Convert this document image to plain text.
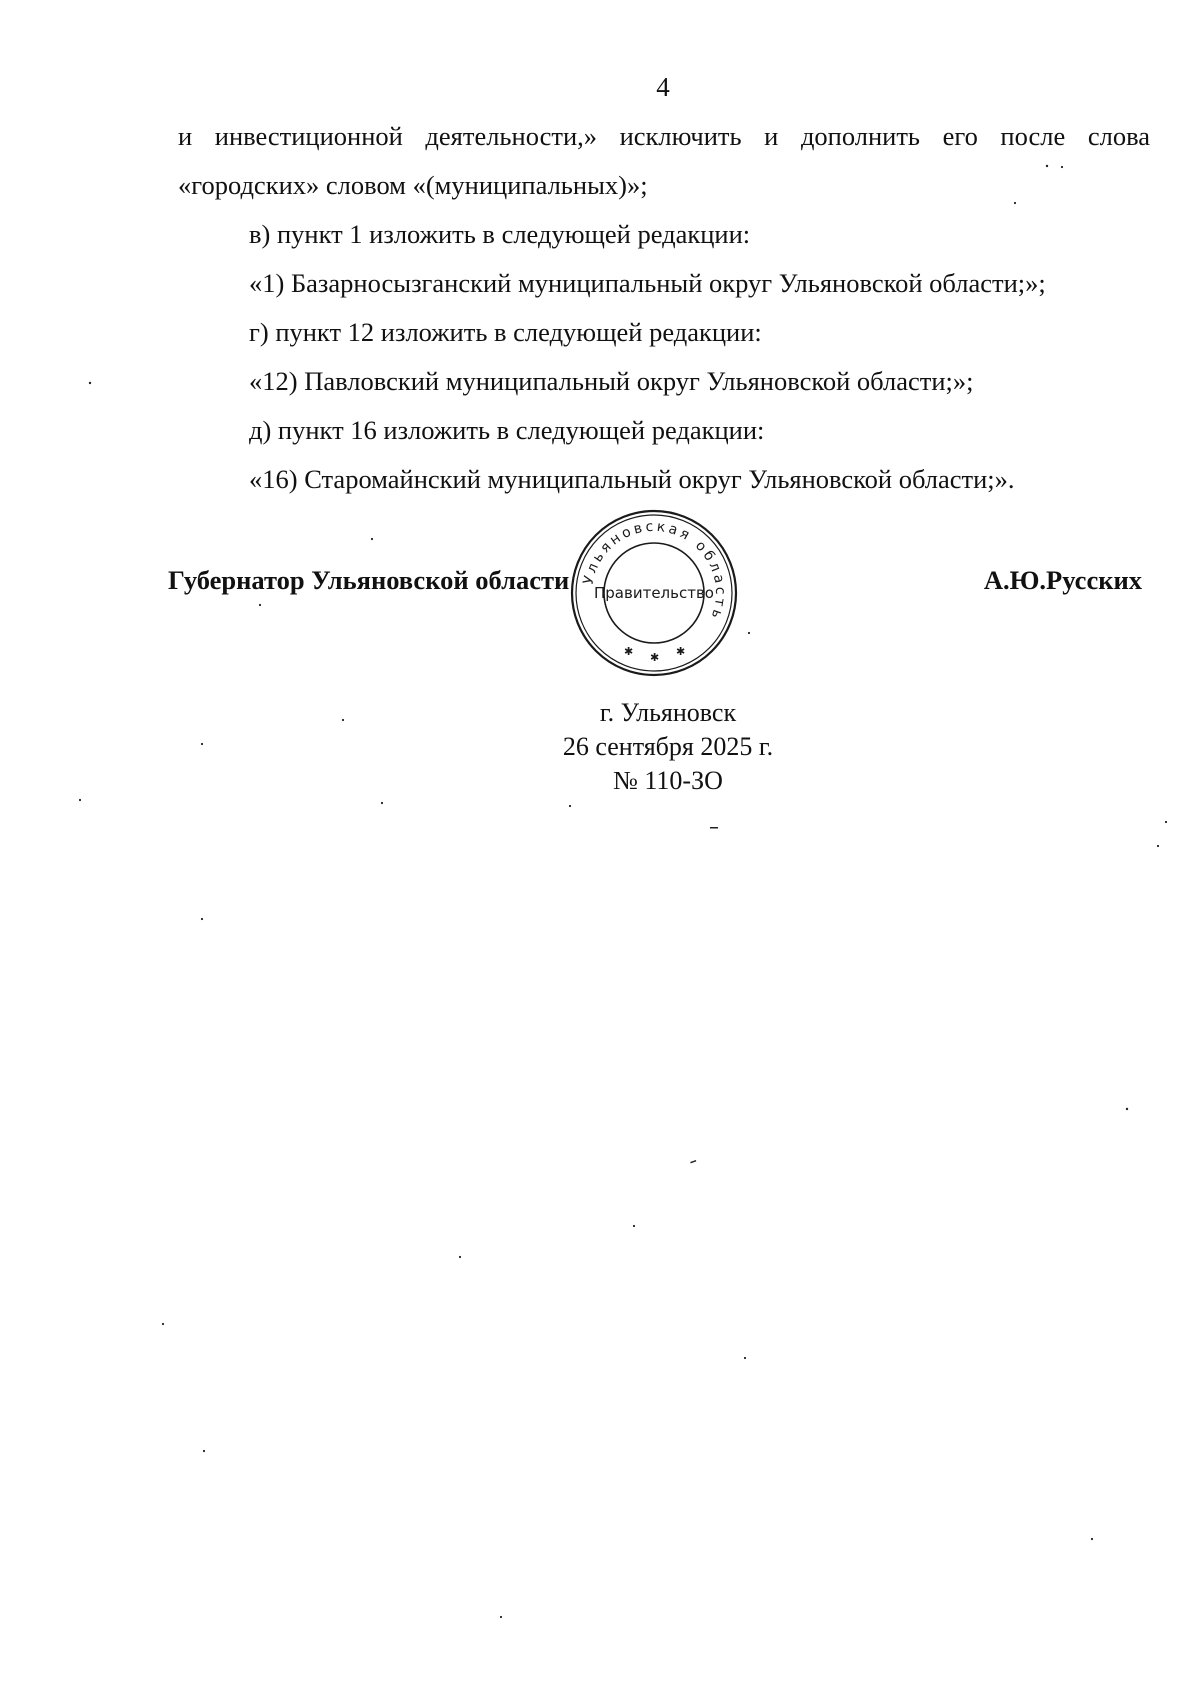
4

и инвестиционной деятельности,» исключить и дополнить его после слова

«городских» словом «(муниципальных)»;

в) пункт 1 изложить в следующей редакции:

«1) Базарносызганский муниципальный округ Ульяновской области;»;

г) пункт 12 изложить в следующей редакции:

«12) Павловский муниципальный округ Ульяновской области;»;

д) пункт 16 изложить в следующей редакции:

«16) Старомайнский муниципальный округ Ульяновской области;».

Губернатор Ульяновской области	А.Ю.Русских
Ульяновская область
Правительство
✱ ✱ ✱
г. Ульяновск
26 сентября 2025 г.
№ 110-ЗО
